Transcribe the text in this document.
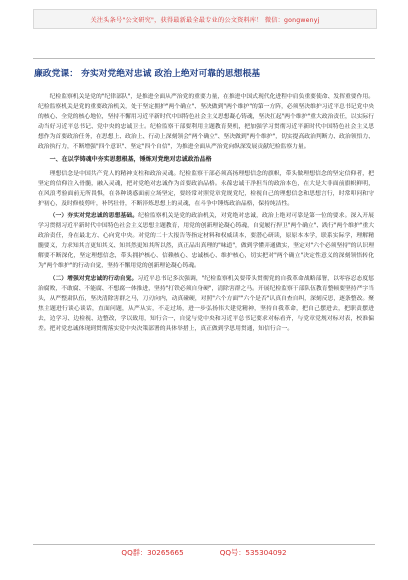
关注头条号"公文研究"，获得最新最全最专业的公文资料库！ 微信：gongwenyj
廉政党课： 夯实对党绝对忠诚 政治上绝对可靠的思想根基

纪检监察机关是党的"纪律部队"，是推进全面从严治党的重要力量，在推进中国式现代化进程中肩负重要使命、发挥重要作用。纪检监察机关是党的重要政治机关，处于坚定拥护"两个确立"、坚决做到"两个维护"的第一方阵，必须坚决维护习近平总书记党中央的核心、全党的核心地位，坚持不懈用习近平新时代中国特色社会主义思想凝心铸魂，坚决扛起"两个维护"重大政治责任，以实际行动当好习近平总书记、党中央的忠诚卫士。纪检监察干部要利用主题教育契机，把加强学习贯彻习近平新时代中国特色社会主义思想作为首要政治任务，在思想上、政治上、行动上深刻领会"两个确立"、坚决做到"两个维护"，切实提高政治判断力、政治领悟力、政治执行力，不断增强"四个意识"、坚定"四个自信"，为推进全面从严治党向纵深发展贡献纪检监察力量。

一、在以学铸魂中夯实思想根基，锤炼对党绝对忠诚政治品格

理想信念是中国共产党人的精神支柱和政治灵魂。纪检监察干部必须高扬理想信念的旗帜，带头做理想信念的坚定信仰者，把坚定的信仰注入骨髓，融入灵魂，把对党绝对忠诚作为首要政治品格。永葆忠诚干净担当的政治本色，在大是大非面前旗帜鲜明，在风浪考验面前无所畏惧，在各种诱惑面前立场坚定，要经常对照党章党规党纪，检视自己的理想信念和思想言行，时常叩问和守护初心，及时修枝剪叶，补钙壮骨，不断淬炼思想上的灵魂，在斗争中锤炼政治品格，保持纯洁性。

（一）夯实对党忠诚的思想基础。纪检监察机关是党的政治机关，对党绝对忠诚，政治上绝对可靠是第一位的要求。深入开展学习贯彻习近平新时代中国特色社会主义思想主题教育，用党的创新理论凝心铸魂，自觉履行捍卫"两个确立"、践行"两个维护"重大政治责任，身在最北方、心向党中央。对党的二十大报告等指定材料和权威读本，要潜心研读，原原本本学，联系实际学，理解精髓要义，力求知其言更知其义、知其然更知其所以然，真正品出真理的"味道"，做到学懂弄通做实，坚定对"六个必须坚持"的认识理解要不断深化，坚定理想信念，带头拥护核心、信赖核心、忠诚核心、维护核心，切实把对"两个确立"决定性意义的深刻领悟转化为"两个维护"的行动自觉，坚持不懈用党的创新理论凝心铸魂。

（二）增强对党忠诚的行动自觉。习近平总书记多次强调，"纪检监察机关要带头贯彻党的自我革命战略部署，以零容忍态度惩治腐败，不敢腐、不能腐、不想腐一体推进，坚持"打铁必须自身硬"，清除害群之马。开展纪检监察干部队伍教育整顿要坚持严字当头，从严整肃队伍，坚决清除害群之马，刀刃向内，动真碰硬，对照"六个方面""六个是否"认真自查自纠，深刻反思，逐条整改。聚焦主题进行谈心谈话，直面问题，从严从实，不走过场，进一步弘扬伟大建党精神，坚持自我革命，把自己摆进去，把职责摆进去，边学习、边检视、边整改，学以致用，知行合一，自觉与党中央和习近平总书记要求对标看齐，与党章党规对标对表，校准偏差。把对党忠诚体现到贯彻落实党中央决策部署的具体举措上，真正做到学思用贯通，知信行合一。

QQ群：30265665	QQ号：535304092
